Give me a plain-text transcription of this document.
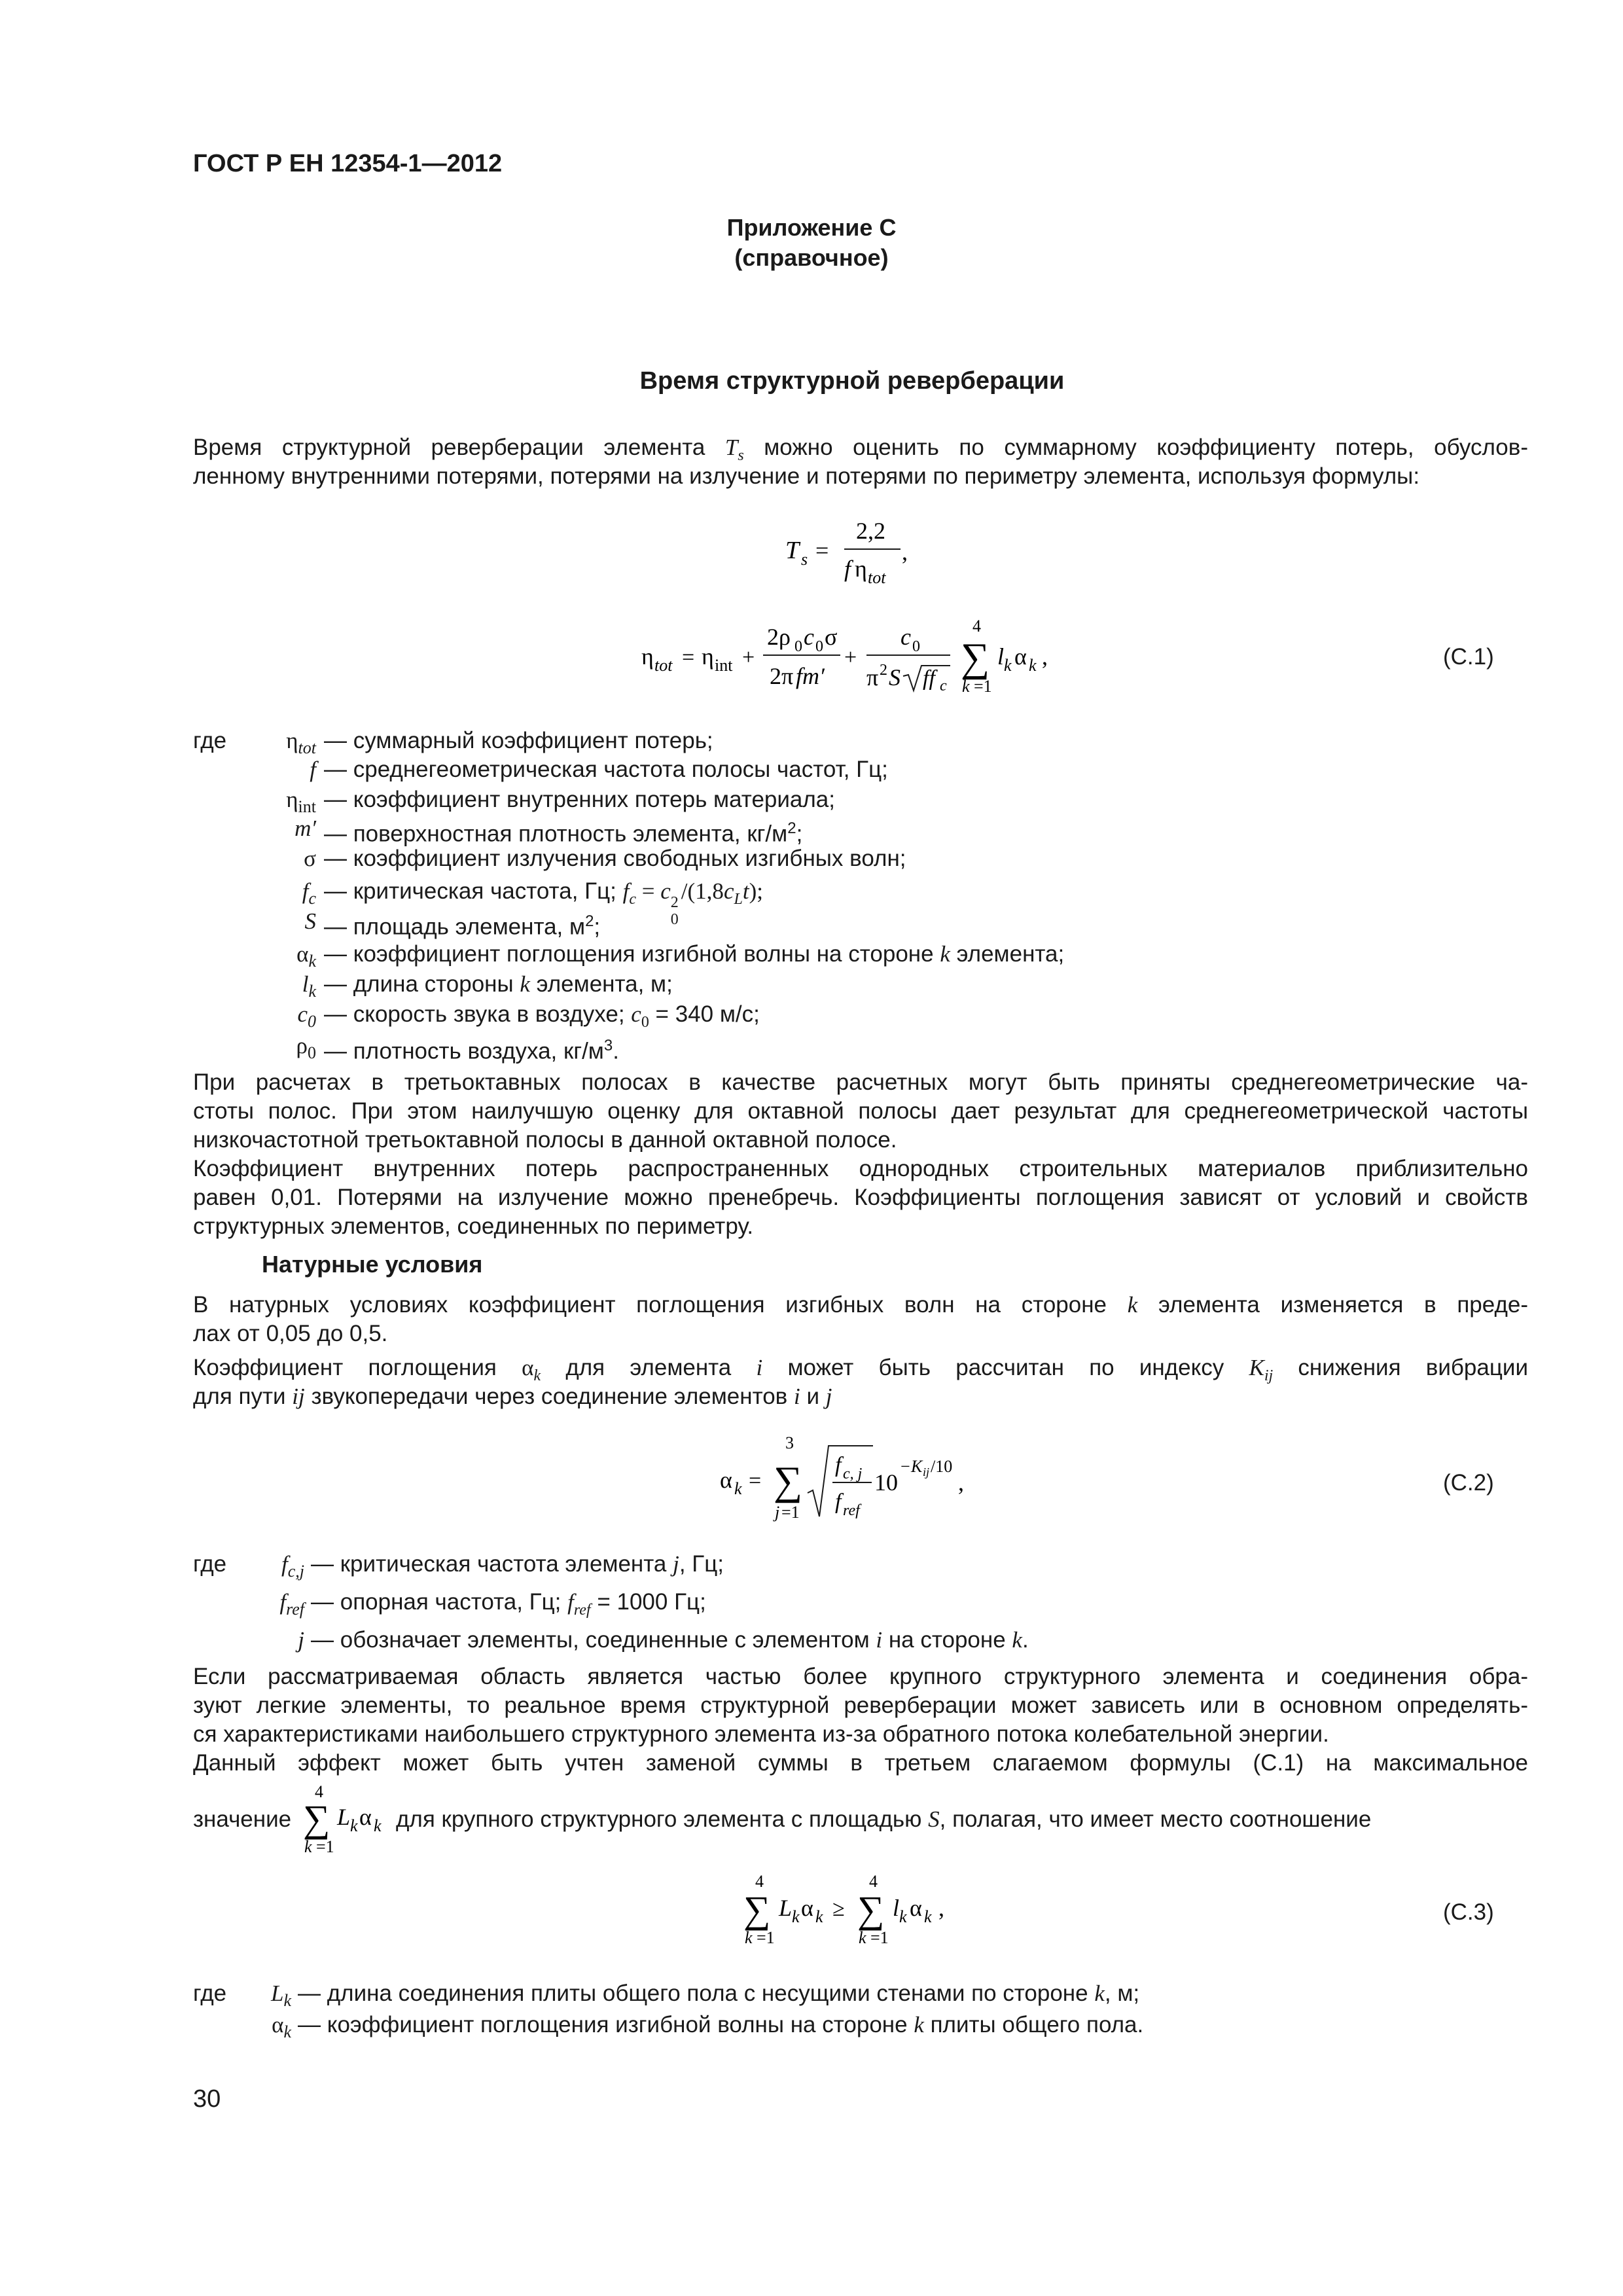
ГОСТ Р ЕН 12354-1—2012
Приложение С
(справочное)
Время структурной реверберации
Время структурной реверберации элемента $T_s$ можно оценить по суммарному коэффициенту потерь, обуслов-
ленному внутренними потерями, потерями на излучение и потерями по периметру элемента, используя формулы:
T s =
2,2
f η tot
,
η tot = η int +
2ρ 0 c 0 σ
2π fm′
+
c 0
π 2 S ff c
4
∑
k =1
l k α k ,	(С.1)
где	$\eta_{tot}$ — суммарный коэффициент потерь;
f — среднегеометрическая частота полосы частот, Гц;
$\eta_{int}$ — коэффициент внутренних потерь материала;
m′ — поверхностная плотность элемента, $кг/м^2$;
σ — коэффициент излучения свободных изгибных волн;
$f_c$ — критическая частота, Гц; $f_c = c$ 2
0
$/(1,8c_Lt)$;
S — площадь элемента, $м^2$;
$\alpha_k$ — коэффициент поглощения изгибной волны на стороне k элемента;
$l_k$ — длина стороны k элемента, м;
$c_0$ — скорость звука в воздухе; $c_0 = 340$ м/с;
$\rho_0$ — плотность воздуха, $кг/м^3$.
При расчетах в третьоктавных полосах в качестве расчетных могут быть приняты среднегеометрические ча-
стоты полос. При этом наилучшую оценку для октавной полосы дает результат для среднегеометрической частоты
низкочастотной третьоктавной полосы в данной октавной полосе.
Коэффициент внутренних потерь распространенных однородных строительных материалов приблизительно
равен 0,01. Потерями на излучение можно пренебречь. Коэффициенты поглощения зависят от условий и свойств
структурных элементов, соединенных по периметру.
Натурные условия
В натурных условиях коэффициент поглощения изгибных волн на стороне k элемента изменяется в преде-
лах от 0,05 до 0,5.
Коэффициент поглощения $\alpha_k$ для элемента i может быть рассчитан по индексу $K_{ij}$ снижения вибрации
для пути ij звукопередачи через соединение элементов i и j
α k =
3
∑
j =1
f c, j
f ref
10
− K ij /10
,	(С.2)
где	$f_{c,j}$ — критическая частота элемента j, Гц;
$f_{ref}$ — опорная частота, Гц; $f_{ref} = 1000$ Гц;
j — обозначает элементы, соединенные с элементом i на стороне k.
Если рассматриваемая область является частью более крупного структурного элемента и соединения обра-
зуют легкие элементы, то реальное время структурной реверберации может зависеть или в основном определять-
ся характеристиками наибольшего структурного элемента из-за обратного потока колебательной энергии.
Данный эффект может быть учтен заменой суммы в третьем слагаемом формулы (С.1) на максимальное
значение
4
∑
k =1
L k α k для крупного структурного элемента с площадью S, полагая, что имеет место соотношение
4
∑
k =1
L k α k ≥
4
∑
k =1
l k α k ,	(С.3)
где	$L_k$ — длина соединения плиты общего пола с несущими стенами по стороне k, м;
$\alpha_k$ — коэффициент поглощения изгибной волны на стороне k плиты общего пола.
30
